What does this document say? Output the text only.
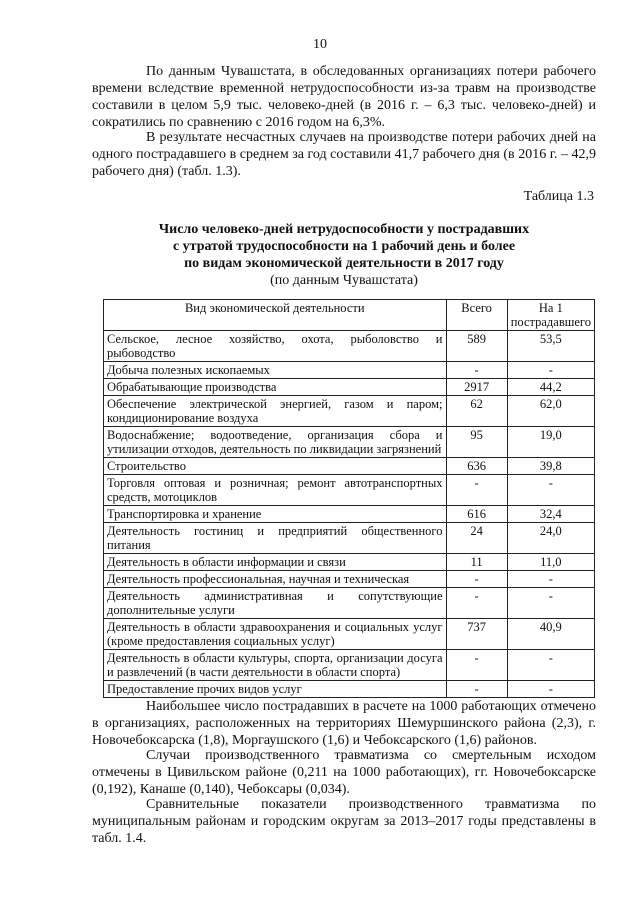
10

По данным Чувашстата, в обследованных организациях потери рабочего времени вследствие временной нетрудоспособности из-за травм на производстве составили в целом 5,9 тыс. человеко-дней (в 2016 г. – 6,3 тыс. человеко-дней) и сократились по сравнению с 2016 годом на 6,3%.

В результате несчастных случаев на производстве потери рабочих дней на одного пострадавшего в среднем за год составили 41,7 рабочего дня (в 2016 г. – 42,9 рабочего дня) (табл. 1.3).

Таблица 1.3
Число человеко-дней нетрудоспособности у пострадавших
с утратой трудоспособности на 1 рабочий день и более
по видам экономической деятельности в 2017 году
(по данным Чувашстата)
Вид экономической деятельности	Всего	На 1 пострадавшего
Сельское, лесное хозяйство, охота, рыболовство и рыбоводство	589	53,5
Добыча полезных ископаемых	-	-
Обрабатывающие производства	2917	44,2
Обеспечение электрической энергией, газом и паром; кондиционирование воздуха	62	62,0
Водоснабжение; водоотведение, организация сбора и утилизации отходов, деятельность по ликвидации загрязнений	95	19,0
Строительство	636	39,8
Торговля оптовая и розничная; ремонт автотранспортных средств, мотоциклов	-	-
Транспортировка и хранение	616	32,4
Деятельность гостиниц и предприятий общественного питания	24	24,0
Деятельность в области информации и связи	11	11,0
Деятельность профессиональная, научная и техническая	-	-
Деятельность административная и сопутствующие дополнительные услуги	-	-
Деятельность в области здравоохранения и социальных услуг (кроме предоставления социальных услуг)	737	40,9
Деятельность в области культуры, спорта, организации досуга и развлечений (в части деятельности в области спорта)	-	-
Предоставление прочих видов услуг	-	-

Наибольшее число пострадавших в расчете на 1000 работающих отмечено в организациях, расположенных на территориях Шемуршинского района (2,3), г. Новочебоксарска (1,8), Моргаушского (1,6) и Чебоксарского (1,6) районов.

Случаи производственного травматизма со смертельным исходом отмечены в Цивильском районе (0,211 на 1000 работающих), гг. Новочебоксарске (0,192), Канаше (0,140), Чебоксары (0,034).

Сравнительные показатели производственного травматизма по муниципальным районам и городским округам за 2013–2017 годы представлены в табл. 1.4.
